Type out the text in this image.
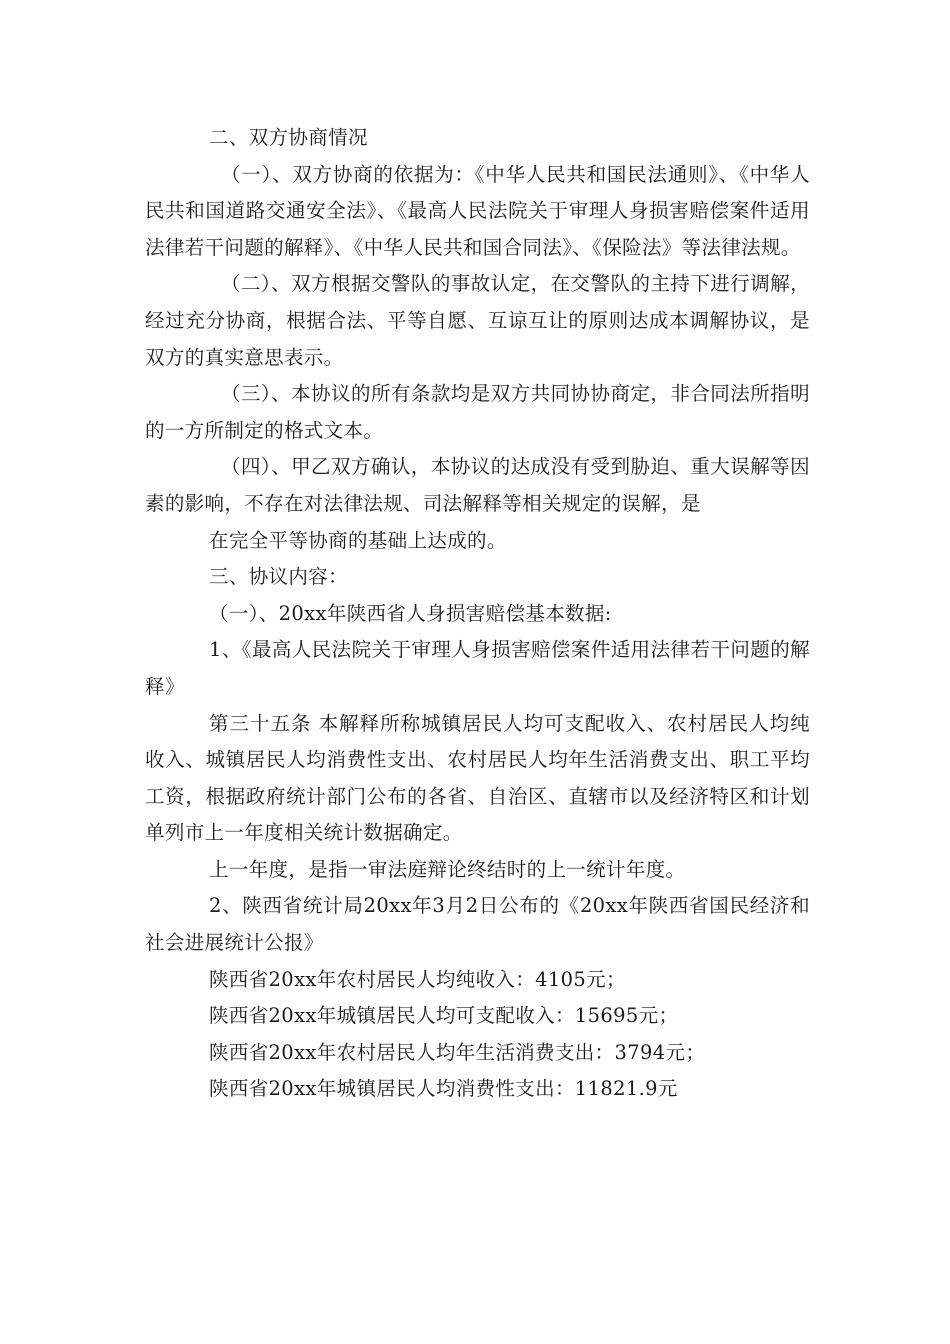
二、双方协商情况

（一）、双方协商的依据为：《中华人民共和国民法通则》、《中华人民共和国道路交通安全法》、《最高人民法院关于审理人身损害赔偿案件适用法律若干问题的解释》、《中华人民共和国合同法》、《保险法》等法律法规。

（二）、双方根据交警队的事故认定，在交警队的主持下进行调解，经过充分协商，根据合法、平等自愿、互谅互让的原则达成本调解协议，是双方的真实意思表示。

（三）、本协议的所有条款均是双方共同协协商定，非合同法所指明的一方所制定的格式文本。

（四）、甲乙双方确认，本协议的达成没有受到胁迫、重大误解等因素的影响，不存在对法律法规、司法解释等相关规定的误解，是

在完全平等协商的基础上达成的。

三、协议内容：

（一）、20xx年陕西省人身损害赔偿基本数据:

1、《最高人民法院关于审理人身损害赔偿案件适用法律若干问题的解释》

第三十五条 本解释所称城镇居民人均可支配收入、农村居民人均纯收入、城镇居民人均消费性支出、农村居民人均年生活消费支出、职工平均工资，根据政府统计部门公布的各省、自治区、直辖市以及经济特区和计划单列市上一年度相关统计数据确定。

上一年度，是指一审法庭辩论终结时的上一统计年度。

2、陕西省统计局20xx年3月2日公布的《20xx年陕西省国民经济和社会进展统计公报》

陕西省20xx年农村居民人均纯收入：4105元；

陕西省20xx年城镇居民人均可支配收入：15695元；

陕西省20xx年农村居民人均年生活消费支出：3794元；

陕西省20xx年城镇居民人均消费性支出：11821.9元
